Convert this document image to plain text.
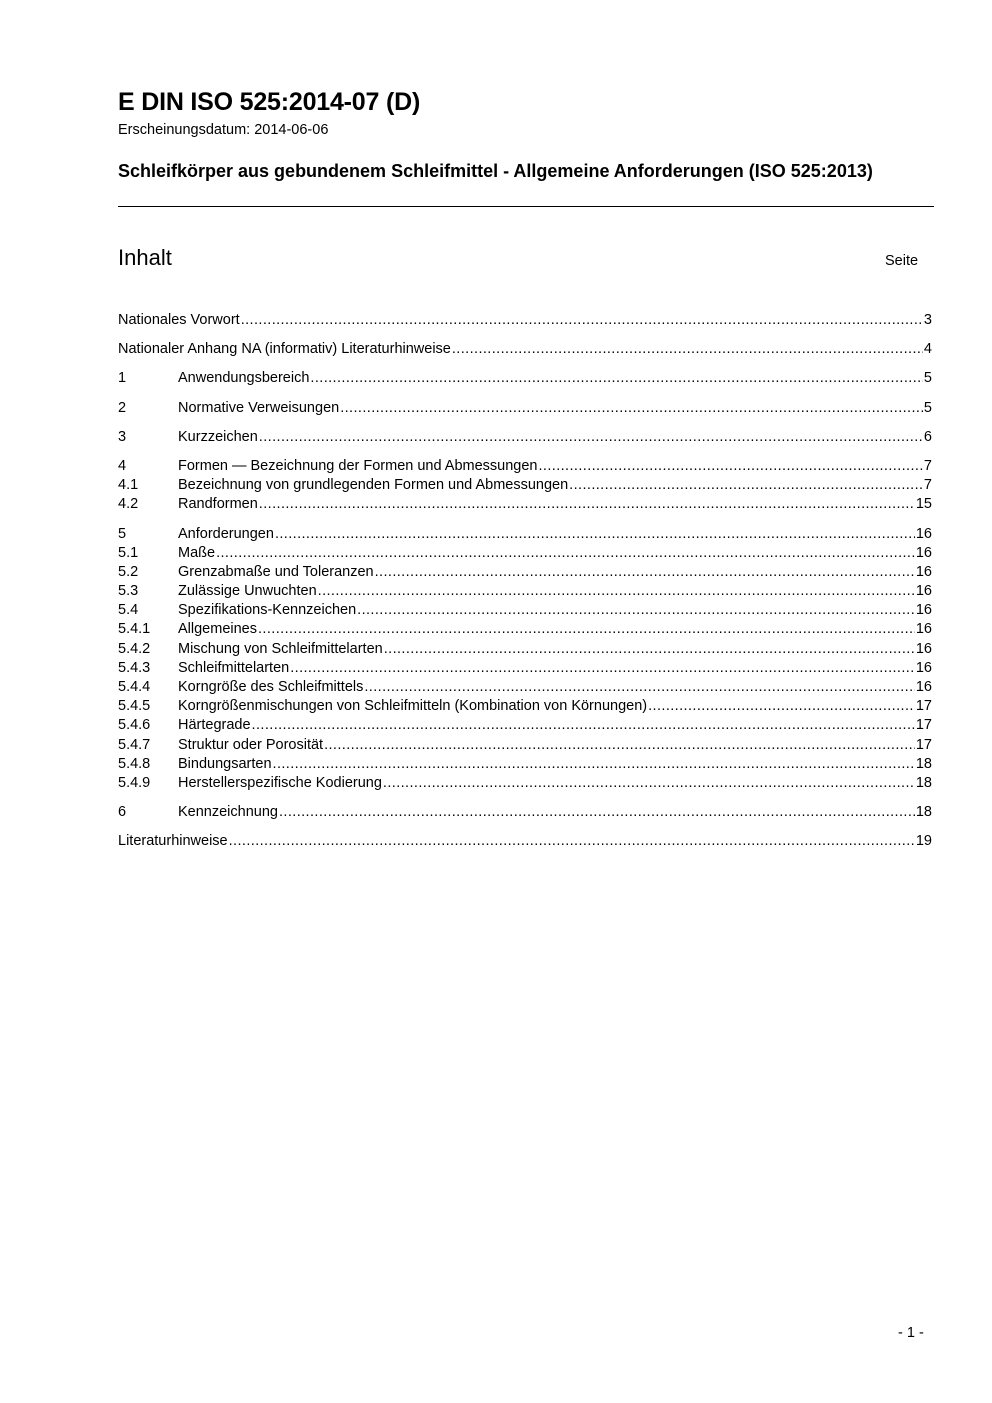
E DIN ISO 525:2014-07 (D)
Erscheinungsdatum: 2014-06-06
Schleifkörper aus gebundenem Schleifmittel - Allgemeine Anforderungen (ISO 525:2013)
Inhalt	Seite
Nationales Vorwort .....	3
Nationaler Anhang NA (informativ) Literaturhinweise .....	4
1	Anwendungsbereich .....	5
2	Normative Verweisungen .....	5
3	Kurzzeichen .....	6
4	Formen — Bezeichnung der Formen und Abmessungen .....	7
4.1	Bezeichnung von grundlegenden Formen und Abmessungen .....	7
4.2	Randformen .....	15
5	Anforderungen .....	16
5.1	Maße .....	16
5.2	Grenzabmaße und Toleranzen .....	16
5.3	Zulässige Unwuchten .....	16
5.4	Spezifikations-Kennzeichen .....	16
5.4.1	Allgemeines .....	16
5.4.2	Mischung von Schleifmittelarten .....	16
5.4.3	Schleifmittelarten .....	16
5.4.4	Korngröße des Schleifmittels .....	16
5.4.5	Korngrößenmischungen von Schleifmitteln (Kombination von Körnungen) .....	17
5.4.6	Härtegrade .....	17
5.4.7	Struktur oder Porosität .....	17
5.4.8	Bindungsarten .....	18
5.4.9	Herstellerspezifische Kodierung .....	18
6	Kennzeichnung .....	18
Literaturhinweise .....	19
- 1 -
